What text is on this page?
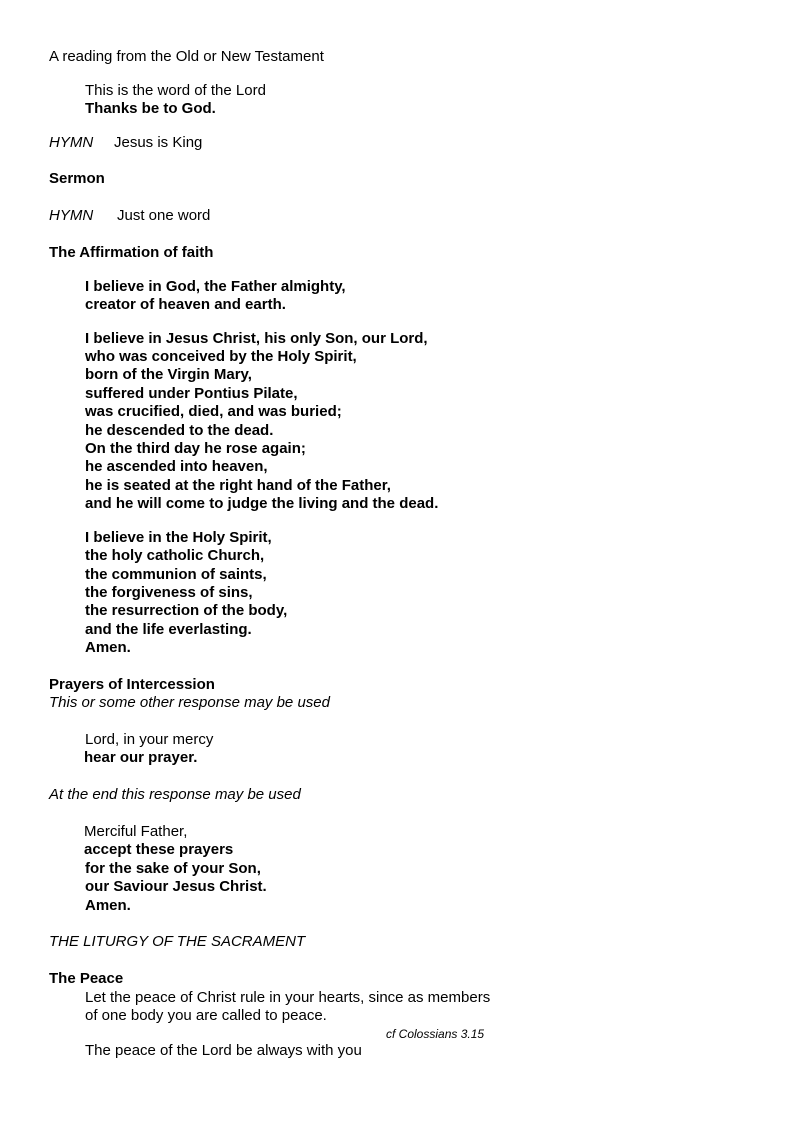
A reading from the Old or New Testament
This is the word of the Lord
Thanks be to God.
HYMN Jesus is King
Sermon
HYMN Just one word
The Affirmation of faith
I believe in God, the Father almighty,
creator of heaven and earth.
I believe in Jesus Christ, his only Son, our Lord,
who was conceived by the Holy Spirit,
born of the Virgin Mary,
suffered under Pontius Pilate,
was crucified, died, and was buried;
he descended to the dead.
On the third day he rose again;
he ascended into heaven,
he is seated at the right hand of the Father,
and he will come to judge the living and the dead.
I believe in the Holy Spirit,
the holy catholic Church,
the communion of saints,
the forgiveness of sins,
the resurrection of the body,
and the life everlasting.
Amen.
Prayers of Intercession
This or some other response may be used
Lord, in your mercy
hear our prayer.
At the end this response may be used
Merciful Father,
accept these prayers
for the sake of your Son,
our Saviour Jesus Christ.
Amen.
THE LITURGY OF THE SACRAMENT
The Peace
Let the peace of Christ rule in your hearts, since as members
of one body you are called to peace.
cf Colossians 3.15
The peace of the Lord be always with you
